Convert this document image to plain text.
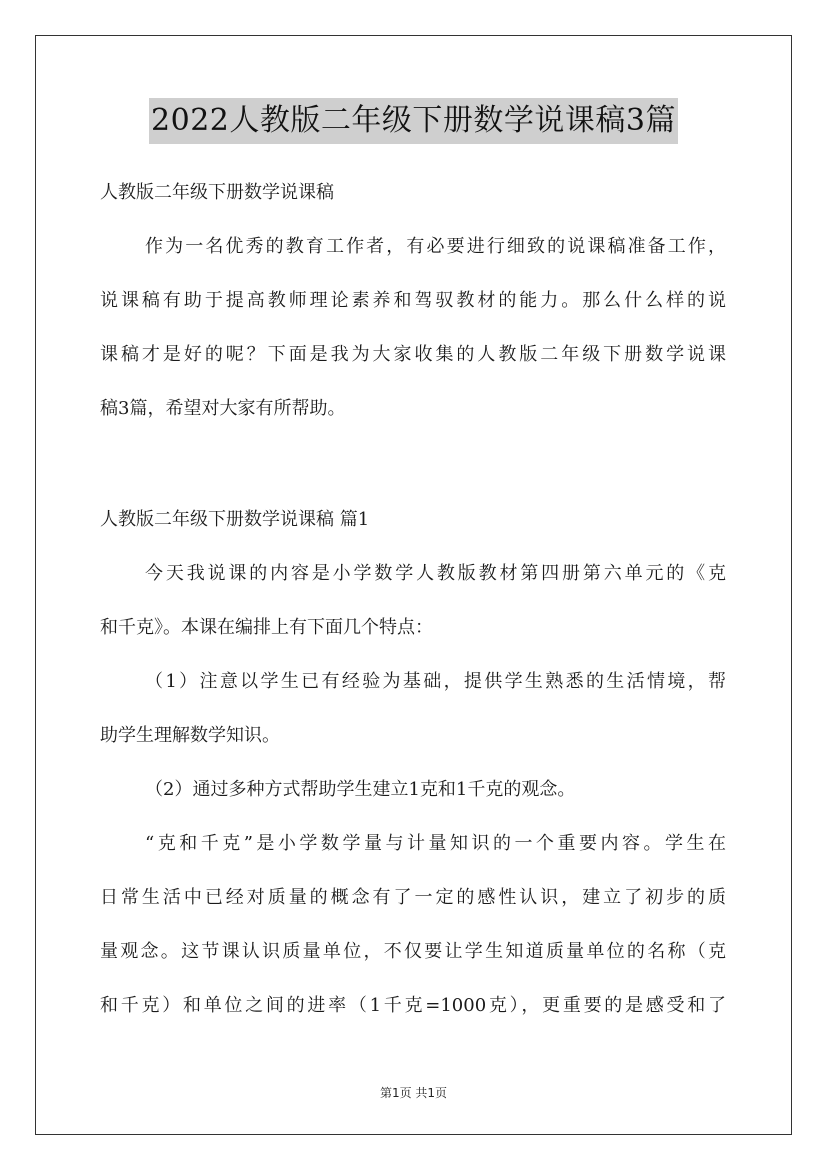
2022人教版二年级下册数学说课稿3篇
人教版二年级下册数学说课稿
作为一名优秀的教育工作者，有必要进行细致的说课稿准备工作，
说课稿有助于提高教师理论素养和驾驭教材的能力。那么什么样的说
课稿才是好的呢？下面是我为大家收集的人教版二年级下册数学说课
稿3篇，希望对大家有所帮助。
人教版二年级下册数学说课稿 篇1
今天我说课的内容是小学数学人教版教材第四册第六单元的《克
和千克》。本课在编排上有下面几个特点：
（1）注意以学生已有经验为基础，提供学生熟悉的生活情境，帮
助学生理解数学知识。
（2）通过多种方式帮助学生建立1克和1千克的观念。
“克和千克”是小学数学量与计量知识的一个重要内容。学生在
日常生活中已经对质量的概念有了一定的感性认识，建立了初步的质
量观念。这节课认识质量单位，不仅要让学生知道质量单位的名称（克
和千克）和单位之间的进率（1千克=1000克），更重要的是感受和了
第1页 共1页
